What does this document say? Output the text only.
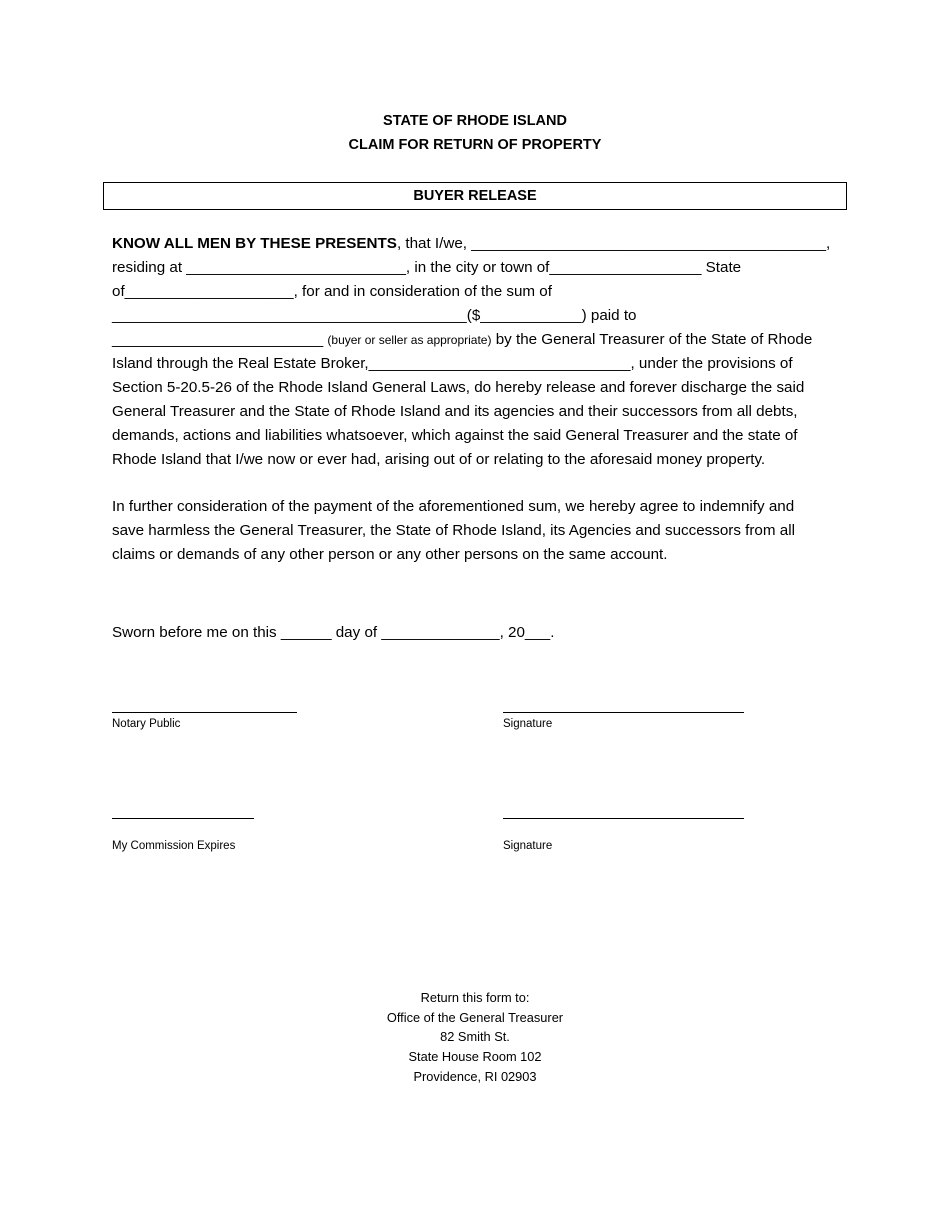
STATE OF RHODE ISLAND
CLAIM FOR RETURN OF PROPERTY
BUYER RELEASE
KNOW ALL MEN BY THESE PRESENTS, that I/we, __________________________________________,
residing at __________________________, in the city or town of__________________ State
of____________________, for and in consideration of the sum of
__________________________________________($____________) paid to
_________________________ (buyer or seller as appropriate) by the General Treasurer of the State of Rhode
Island through the Real Estate Broker,_______________________________, under the provisions of
Section 5-20.5-26 of the Rhode Island General Laws, do hereby release and forever discharge the said
General Treasurer and the State of Rhode Island and its agencies and their successors from all debts,
demands, actions and liabilities whatsoever, which against the said General Treasurer and the state of
Rhode Island that I/we now or ever had, arising out of or relating to the aforesaid money property.
In further consideration of the payment of the aforementioned sum, we hereby agree to indemnify and
save harmless the General Treasurer, the State of Rhode Island, its Agencies and successors from all
claims or demands of any other person or any other persons on the same account.
Sworn before me on this ______ day of ______________, 20___.
Notary Public	Signature
My Commission Expires	Signature
Return this form to:
Office of the General Treasurer
82 Smith St.
State House Room 102
Providence, RI 02903
